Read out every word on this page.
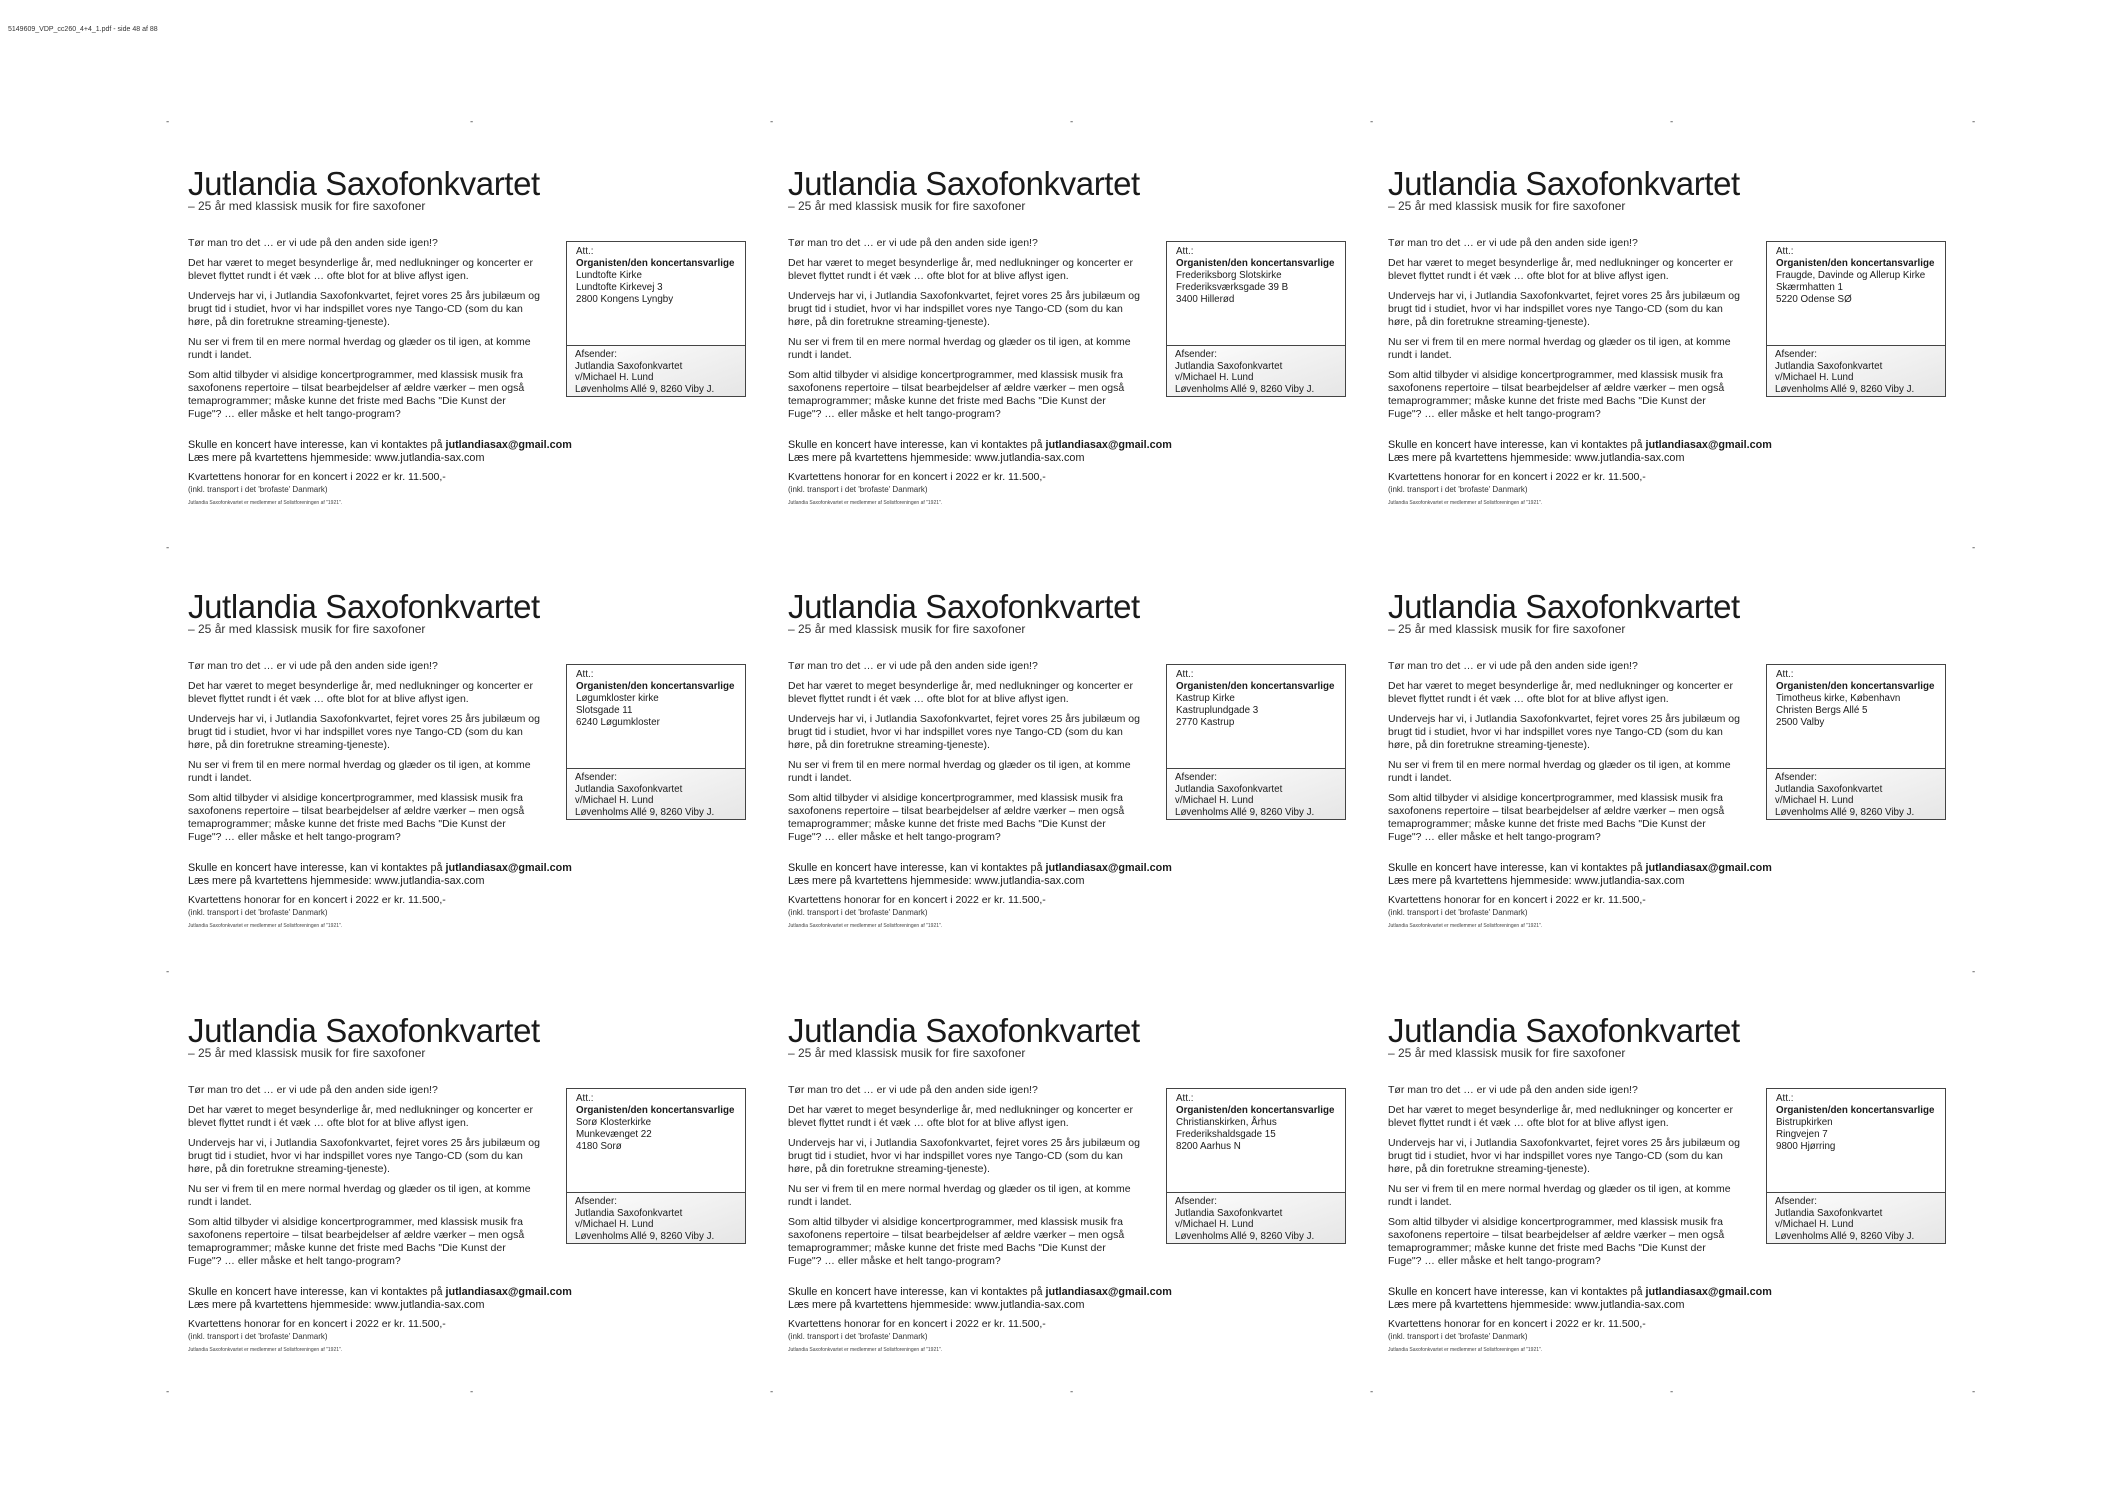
5149609_VDP_cc260_4+4_1.pdf - side 48 af 88
-	-	-	-	-	-	-
-	-	-	-	-	-	-
-
-
-
-
Jutlandia Saxofonkvartet
– 25 år med klassisk musik for fire saxofoner

Tør man tro det … er vi ude på den anden side igen!?

Det har været to meget besynderlige år, med nedlukninger og koncerter er blevet flyttet rundt i ét væk … ofte blot for at blive aflyst igen.

Undervejs har vi, i Jutlandia Saxofonkvartet, fejret vores 25 års jubilæum og brugt tid i studiet, hvor vi har indspillet vores nye Tango-CD (som du kan høre, på din foretrukne streaming-tjeneste).

Nu ser vi frem til en mere normal hverdag og glæder os til igen, at komme rundt i landet.

Som altid tilbyder vi alsidige koncertprogrammer, med klassisk musik fra saxofonens repertoire – tilsat bearbejdelser af ældre værker – men også temaprogrammer; måske kunne det friste med Bachs "Die Kunst der Fuge"? … eller måske et helt tango-program?

Att.:
Organisten/den koncertansvarlige
Lundtofte Kirke
Lundtofte Kirkevej 3
2800 Kongens Lyngby
Afsender:
Jutlandia Saxofonkvartet
v/Michael H. Lund
Løvenholms Allé 9, 8260 Viby J.
Skulle en koncert have interesse, kan vi kontaktes på jutlandiasax@gmail.com
Læs mere på kvartettens hjemmeside: www.jutlandia-sax.com
Kvartettens honorar for en koncert i 2022 er kr. 11.500,-
(inkl. transport i det 'brofaste' Danmark)
Jutlandia Saxofonkvartet er medlemmer af Solistforeningen af "1921".
Jutlandia Saxofonkvartet
– 25 år med klassisk musik for fire saxofoner

Tør man tro det … er vi ude på den anden side igen!?

Det har været to meget besynderlige år, med nedlukninger og koncerter er blevet flyttet rundt i ét væk … ofte blot for at blive aflyst igen.

Undervejs har vi, i Jutlandia Saxofonkvartet, fejret vores 25 års jubilæum og brugt tid i studiet, hvor vi har indspillet vores nye Tango-CD (som du kan høre, på din foretrukne streaming-tjeneste).

Nu ser vi frem til en mere normal hverdag og glæder os til igen, at komme rundt i landet.

Som altid tilbyder vi alsidige koncertprogrammer, med klassisk musik fra saxofonens repertoire – tilsat bearbejdelser af ældre værker – men også temaprogrammer; måske kunne det friste med Bachs "Die Kunst der Fuge"? … eller måske et helt tango-program?

Att.:
Organisten/den koncertansvarlige
Frederiksborg Slotskirke
Frederiksværksgade 39 B
3400 Hillerød
Afsender:
Jutlandia Saxofonkvartet
v/Michael H. Lund
Løvenholms Allé 9, 8260 Viby J.
Skulle en koncert have interesse, kan vi kontaktes på jutlandiasax@gmail.com
Læs mere på kvartettens hjemmeside: www.jutlandia-sax.com
Kvartettens honorar for en koncert i 2022 er kr. 11.500,-
(inkl. transport i det 'brofaste' Danmark)
Jutlandia Saxofonkvartet er medlemmer af Solistforeningen af "1921".
Jutlandia Saxofonkvartet
– 25 år med klassisk musik for fire saxofoner

Tør man tro det … er vi ude på den anden side igen!?

Det har været to meget besynderlige år, med nedlukninger og koncerter er blevet flyttet rundt i ét væk … ofte blot for at blive aflyst igen.

Undervejs har vi, i Jutlandia Saxofonkvartet, fejret vores 25 års jubilæum og brugt tid i studiet, hvor vi har indspillet vores nye Tango-CD (som du kan høre, på din foretrukne streaming-tjeneste).

Nu ser vi frem til en mere normal hverdag og glæder os til igen, at komme rundt i landet.

Som altid tilbyder vi alsidige koncertprogrammer, med klassisk musik fra saxofonens repertoire – tilsat bearbejdelser af ældre værker – men også temaprogrammer; måske kunne det friste med Bachs "Die Kunst der Fuge"? … eller måske et helt tango-program?

Att.:
Organisten/den koncertansvarlige
Fraugde, Davinde og Allerup Kirke
Skærmhatten 1
5220 Odense SØ
Afsender:
Jutlandia Saxofonkvartet
v/Michael H. Lund
Løvenholms Allé 9, 8260 Viby J.
Skulle en koncert have interesse, kan vi kontaktes på jutlandiasax@gmail.com
Læs mere på kvartettens hjemmeside: www.jutlandia-sax.com
Kvartettens honorar for en koncert i 2022 er kr. 11.500,-
(inkl. transport i det 'brofaste' Danmark)
Jutlandia Saxofonkvartet er medlemmer af Solistforeningen af "1921".
Jutlandia Saxofonkvartet
– 25 år med klassisk musik for fire saxofoner

Tør man tro det … er vi ude på den anden side igen!?

Det har været to meget besynderlige år, med nedlukninger og koncerter er blevet flyttet rundt i ét væk … ofte blot for at blive aflyst igen.

Undervejs har vi, i Jutlandia Saxofonkvartet, fejret vores 25 års jubilæum og brugt tid i studiet, hvor vi har indspillet vores nye Tango-CD (som du kan høre, på din foretrukne streaming-tjeneste).

Nu ser vi frem til en mere normal hverdag og glæder os til igen, at komme rundt i landet.

Som altid tilbyder vi alsidige koncertprogrammer, med klassisk musik fra saxofonens repertoire – tilsat bearbejdelser af ældre værker – men også temaprogrammer; måske kunne det friste med Bachs "Die Kunst der Fuge"? … eller måske et helt tango-program?

Att.:
Organisten/den koncertansvarlige
Løgumkloster kirke
Slotsgade 11
6240 Løgumkloster
Afsender:
Jutlandia Saxofonkvartet
v/Michael H. Lund
Løvenholms Allé 9, 8260 Viby J.
Skulle en koncert have interesse, kan vi kontaktes på jutlandiasax@gmail.com
Læs mere på kvartettens hjemmeside: www.jutlandia-sax.com
Kvartettens honorar for en koncert i 2022 er kr. 11.500,-
(inkl. transport i det 'brofaste' Danmark)
Jutlandia Saxofonkvartet er medlemmer af Solistforeningen af "1921".
Jutlandia Saxofonkvartet
– 25 år med klassisk musik for fire saxofoner

Tør man tro det … er vi ude på den anden side igen!?

Det har været to meget besynderlige år, med nedlukninger og koncerter er blevet flyttet rundt i ét væk … ofte blot for at blive aflyst igen.

Undervejs har vi, i Jutlandia Saxofonkvartet, fejret vores 25 års jubilæum og brugt tid i studiet, hvor vi har indspillet vores nye Tango-CD (som du kan høre, på din foretrukne streaming-tjeneste).

Nu ser vi frem til en mere normal hverdag og glæder os til igen, at komme rundt i landet.

Som altid tilbyder vi alsidige koncertprogrammer, med klassisk musik fra saxofonens repertoire – tilsat bearbejdelser af ældre værker – men også temaprogrammer; måske kunne det friste med Bachs "Die Kunst der Fuge"? … eller måske et helt tango-program?

Att.:
Organisten/den koncertansvarlige
Kastrup Kirke
Kastruplundgade 3
2770 Kastrup
Afsender:
Jutlandia Saxofonkvartet
v/Michael H. Lund
Løvenholms Allé 9, 8260 Viby J.
Skulle en koncert have interesse, kan vi kontaktes på jutlandiasax@gmail.com
Læs mere på kvartettens hjemmeside: www.jutlandia-sax.com
Kvartettens honorar for en koncert i 2022 er kr. 11.500,-
(inkl. transport i det 'brofaste' Danmark)
Jutlandia Saxofonkvartet er medlemmer af Solistforeningen af "1921".
Jutlandia Saxofonkvartet
– 25 år med klassisk musik for fire saxofoner

Tør man tro det … er vi ude på den anden side igen!?

Det har været to meget besynderlige år, med nedlukninger og koncerter er blevet flyttet rundt i ét væk … ofte blot for at blive aflyst igen.

Undervejs har vi, i Jutlandia Saxofonkvartet, fejret vores 25 års jubilæum og brugt tid i studiet, hvor vi har indspillet vores nye Tango-CD (som du kan høre, på din foretrukne streaming-tjeneste).

Nu ser vi frem til en mere normal hverdag og glæder os til igen, at komme rundt i landet.

Som altid tilbyder vi alsidige koncertprogrammer, med klassisk musik fra saxofonens repertoire – tilsat bearbejdelser af ældre værker – men også temaprogrammer; måske kunne det friste med Bachs "Die Kunst der Fuge"? … eller måske et helt tango-program?

Att.:
Organisten/den koncertansvarlige
Timotheus kirke, København
Christen Bergs Allé 5
2500 Valby
Afsender:
Jutlandia Saxofonkvartet
v/Michael H. Lund
Løvenholms Allé 9, 8260 Viby J.
Skulle en koncert have interesse, kan vi kontaktes på jutlandiasax@gmail.com
Læs mere på kvartettens hjemmeside: www.jutlandia-sax.com
Kvartettens honorar for en koncert i 2022 er kr. 11.500,-
(inkl. transport i det 'brofaste' Danmark)
Jutlandia Saxofonkvartet er medlemmer af Solistforeningen af "1921".
Jutlandia Saxofonkvartet
– 25 år med klassisk musik for fire saxofoner

Tør man tro det … er vi ude på den anden side igen!?

Det har været to meget besynderlige år, med nedlukninger og koncerter er blevet flyttet rundt i ét væk … ofte blot for at blive aflyst igen.

Undervejs har vi, i Jutlandia Saxofonkvartet, fejret vores 25 års jubilæum og brugt tid i studiet, hvor vi har indspillet vores nye Tango-CD (som du kan høre, på din foretrukne streaming-tjeneste).

Nu ser vi frem til en mere normal hverdag og glæder os til igen, at komme rundt i landet.

Som altid tilbyder vi alsidige koncertprogrammer, med klassisk musik fra saxofonens repertoire – tilsat bearbejdelser af ældre værker – men også temaprogrammer; måske kunne det friste med Bachs "Die Kunst der Fuge"? … eller måske et helt tango-program?

Att.:
Organisten/den koncertansvarlige
Sorø Klosterkirke
Munkevænget 22
4180 Sorø
Afsender:
Jutlandia Saxofonkvartet
v/Michael H. Lund
Løvenholms Allé 9, 8260 Viby J.
Skulle en koncert have interesse, kan vi kontaktes på jutlandiasax@gmail.com
Læs mere på kvartettens hjemmeside: www.jutlandia-sax.com
Kvartettens honorar for en koncert i 2022 er kr. 11.500,-
(inkl. transport i det 'brofaste' Danmark)
Jutlandia Saxofonkvartet er medlemmer af Solistforeningen af "1921".
Jutlandia Saxofonkvartet
– 25 år med klassisk musik for fire saxofoner

Tør man tro det … er vi ude på den anden side igen!?

Det har været to meget besynderlige år, med nedlukninger og koncerter er blevet flyttet rundt i ét væk … ofte blot for at blive aflyst igen.

Undervejs har vi, i Jutlandia Saxofonkvartet, fejret vores 25 års jubilæum og brugt tid i studiet, hvor vi har indspillet vores nye Tango-CD (som du kan høre, på din foretrukne streaming-tjeneste).

Nu ser vi frem til en mere normal hverdag og glæder os til igen, at komme rundt i landet.

Som altid tilbyder vi alsidige koncertprogrammer, med klassisk musik fra saxofonens repertoire – tilsat bearbejdelser af ældre værker – men også temaprogrammer; måske kunne det friste med Bachs "Die Kunst der Fuge"? … eller måske et helt tango-program?

Att.:
Organisten/den koncertansvarlige
Christianskirken, Århus
Frederikshaldsgade 15
8200 Aarhus N
Afsender:
Jutlandia Saxofonkvartet
v/Michael H. Lund
Løvenholms Allé 9, 8260 Viby J.
Skulle en koncert have interesse, kan vi kontaktes på jutlandiasax@gmail.com
Læs mere på kvartettens hjemmeside: www.jutlandia-sax.com
Kvartettens honorar for en koncert i 2022 er kr. 11.500,-
(inkl. transport i det 'brofaste' Danmark)
Jutlandia Saxofonkvartet er medlemmer af Solistforeningen af "1921".
Jutlandia Saxofonkvartet
– 25 år med klassisk musik for fire saxofoner

Tør man tro det … er vi ude på den anden side igen!?

Det har været to meget besynderlige år, med nedlukninger og koncerter er blevet flyttet rundt i ét væk … ofte blot for at blive aflyst igen.

Undervejs har vi, i Jutlandia Saxofonkvartet, fejret vores 25 års jubilæum og brugt tid i studiet, hvor vi har indspillet vores nye Tango-CD (som du kan høre, på din foretrukne streaming-tjeneste).

Nu ser vi frem til en mere normal hverdag og glæder os til igen, at komme rundt i landet.

Som altid tilbyder vi alsidige koncertprogrammer, med klassisk musik fra saxofonens repertoire – tilsat bearbejdelser af ældre værker – men også temaprogrammer; måske kunne det friste med Bachs "Die Kunst der Fuge"? … eller måske et helt tango-program?

Att.:
Organisten/den koncertansvarlige
Bistrupkirken
Ringvejen 7
9800 Hjørring
Afsender:
Jutlandia Saxofonkvartet
v/Michael H. Lund
Løvenholms Allé 9, 8260 Viby J.
Skulle en koncert have interesse, kan vi kontaktes på jutlandiasax@gmail.com
Læs mere på kvartettens hjemmeside: www.jutlandia-sax.com
Kvartettens honorar for en koncert i 2022 er kr. 11.500,-
(inkl. transport i det 'brofaste' Danmark)
Jutlandia Saxofonkvartet er medlemmer af Solistforeningen af "1921".
